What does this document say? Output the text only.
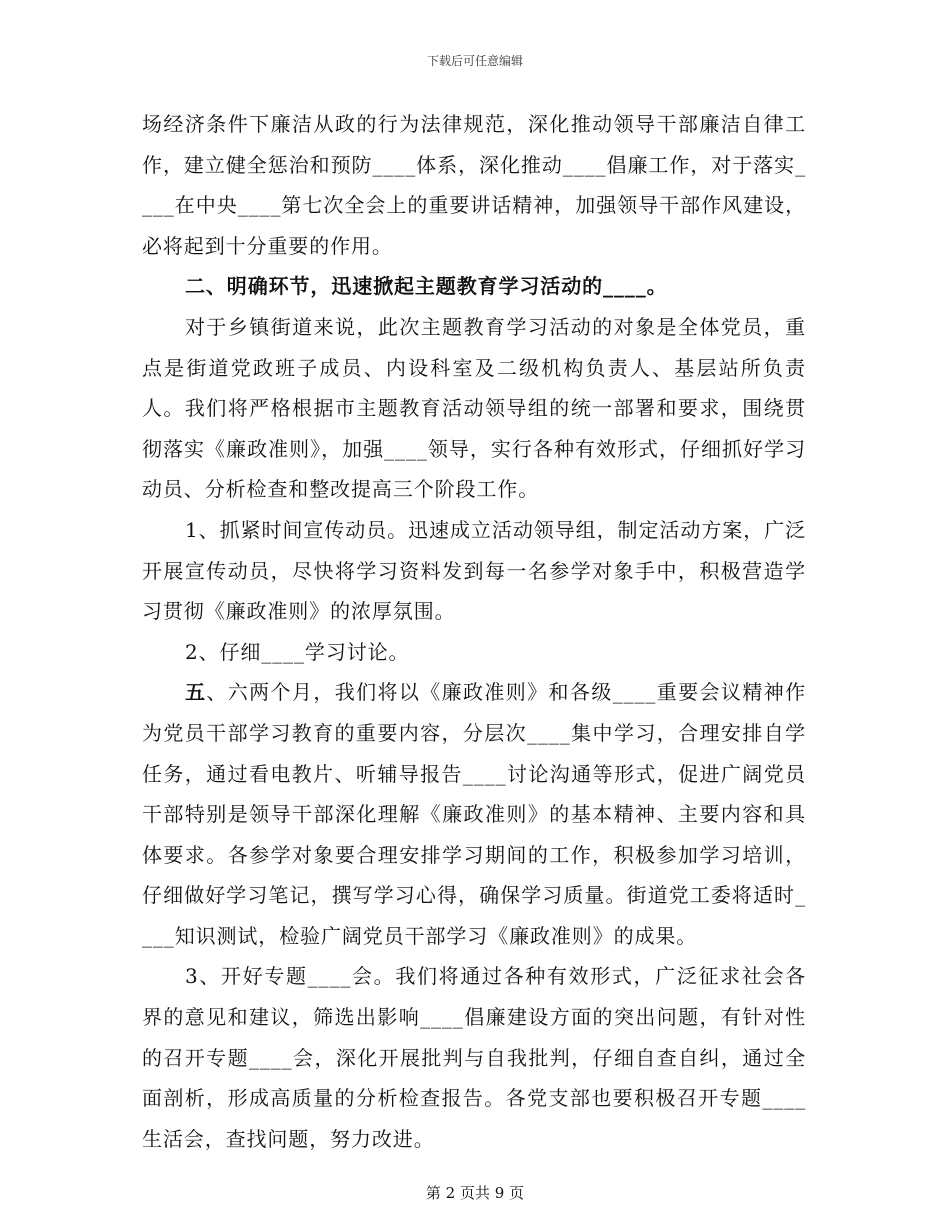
下载后可任意编辑

场经济条件下廉洁从政的行为法律规范，深化推动领导干部廉洁自律工作，建立健全惩治和预防____体系，深化推动____倡廉工作，对于落实____在中央____第七次全会上的重要讲话精神，加强领导干部作风建设，必将起到十分重要的作用。

二、明确环节，迅速掀起主题教育学习活动的____。

对于乡镇街道来说，此次主题教育学习活动的对象是全体党员，重点是街道党政班子成员、内设科室及二级机构负责人、基层站所负责人。我们将严格根据市主题教育活动领导组的统一部署和要求，围绕贯彻落实《廉政准则》，加强____领导，实行各种有效形式，仔细抓好学习动员、分析检查和整改提高三个阶段工作。

1、抓紧时间宣传动员。迅速成立活动领导组，制定活动方案，广泛开展宣传动员，尽快将学习资料发到每一名参学对象手中，积极营造学习贯彻《廉政准则》的浓厚氛围。

2、仔细____学习讨论。

五、六两个月，我们将以《廉政准则》和各级____重要会议精神作为党员干部学习教育的重要内容，分层次____集中学习，合理安排自学任务，通过看电教片、听辅导报告____讨论沟通等形式，促进广阔党员干部特别是领导干部深化理解《廉政准则》的基本精神、主要内容和具体要求。各参学对象要合理安排学习期间的工作，积极参加学习培训，仔细做好学习笔记，撰写学习心得，确保学习质量。街道党工委将适时____知识测试，检验广阔党员干部学习《廉政准则》的成果。

3、开好专题____会。我们将通过各种有效形式，广泛征求社会各界的意见和建议，筛选出影响____倡廉建设方面的突出问题，有针对性的召开专题____会，深化开展批判与自我批判，仔细自查自纠，通过全面剖析，形成高质量的分析检查报告。各党支部也要积极召开专题____生活会，查找问题，努力改进。

第 2 页共 9 页
